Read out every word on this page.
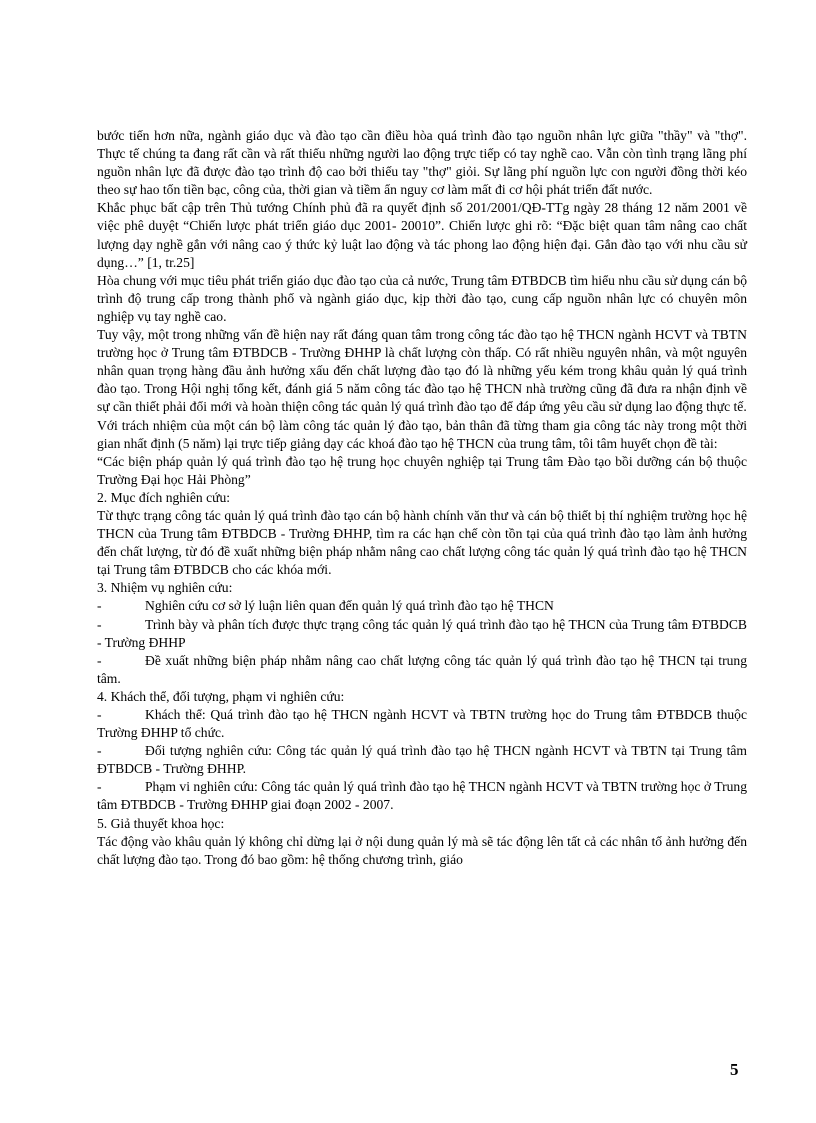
bước tiến hơn nữa, ngành giáo dục và đào tạo cần điều hòa quá trình đào tạo nguồn nhân lực giữa "thầy" và "thợ". Thực tế chúng ta đang rất cần và rất thiếu những người lao động trực tiếp có tay nghề cao. Vẫn còn tình trạng lãng phí nguồn nhân lực đã được đào tạo trình độ cao bởi thiếu tay "thợ" giỏi. Sự lãng phí nguồn lực con người đồng thời kéo theo sự hao tốn tiền bạc, công của, thời gian và tiềm ẩn nguy cơ làm mất đi cơ hội phát triển đất nước.

Khắc phục bất cập trên Thủ tướng Chính phủ đã ra quyết định số 201/2001/QĐ-TTg ngày 28 tháng 12 năm 2001 về việc phê duyệt “Chiến lược phát triển giáo dục 2001- 20010”. Chiến lược ghi rõ: “Đặc biệt quan tâm nâng cao chất lượng dạy nghề gắn với nâng cao ý thức kỷ luật lao động và tác phong lao động hiện đại. Gắn đào tạo với nhu cầu sử dụng…” [1, tr.25]

Hòa chung với mục tiêu phát triển giáo dục đào tạo của cả nước, Trung tâm ĐTBDCB tìm hiểu nhu cầu sử dụng cán bộ trình độ trung cấp trong thành phố và ngành giáo dục, kịp thời đào tạo, cung cấp nguồn nhân lực có chuyên môn nghiệp vụ tay nghề cao.

Tuy vậy, một trong những vấn đề hiện nay rất đáng quan tâm trong công tác đào tạo hệ THCN ngành HCVT và TBTN trường học ở Trung tâm ĐTBDCB - Trường ĐHHP là chất lượng còn thấp. Có rất nhiều nguyên nhân, và một nguyên nhân quan trọng hàng đầu ảnh hưởng xấu đến chất lượng đào tạo đó là những yếu kém trong khâu quản lý quá trình đào tạo. Trong Hội nghị tổng kết, đánh giá 5 năm công tác đào tạo hệ THCN nhà trường cũng đã đưa ra nhận định về sự cần thiết phải đổi mới và hoàn thiện công tác quản lý quá trình đào tạo để đáp ứng yêu cầu sử dụng lao động thực tế.

Với trách nhiệm của một cán bộ làm công tác quản lý đào tạo, bản thân đã từng tham gia công tác này trong một thời gian nhất định (5 năm) lại trực tiếp giảng dạy các khoá đào tạo hệ THCN của trung tâm, tôi tâm huyết chọn đề tài:

“Các biện pháp quản lý quá trình đào tạo hệ trung học chuyên nghiệp tại Trung tâm Đào tạo bồi dưỡng cán bộ thuộc Trường Đại học Hải Phòng”

2. Mục đích nghiên cứu:

Từ thực trạng công tác quản lý quá trình đào tạo cán bộ hành chính văn thư và cán bộ thiết bị thí nghiệm trường học hệ THCN của Trung tâm ĐTBDCB - Trường ĐHHP, tìm ra các hạn chế còn tồn tại của quá trình đào tạo làm ảnh hưởng đến chất lượng, từ đó đề xuất những biện pháp nhằm nâng cao chất lượng công tác quản lý quá trình đào tạo hệ THCN tại Trung tâm ĐTBDCB cho các khóa mới.

3. Nhiệm vụ nghiên cứu:

-	Nghiên cứu cơ sở lý luận liên quan đến quản lý quá trình đào tạo hệ THCN

-	Trình bày và phân tích được thực trạng công tác quản lý quá trình đào tạo hệ THCN của Trung tâm ĐTBDCB - Trường ĐHHP

-	Đề xuất những biện pháp nhằm nâng cao chất lượng công tác quản lý quá trình đào tạo hệ THCN tại trung tâm.

4. Khách thể, đối tượng, phạm vi nghiên cứu:

-	Khách thể: Quá trình đào tạo hệ THCN ngành HCVT và TBTN trường học do Trung tâm ĐTBDCB thuộc Trường ĐHHP tổ chức.

-	Đối tượng nghiên cứu: Công tác quản lý quá trình đào tạo hệ THCN ngành HCVT và TBTN tại Trung tâm ĐTBDCB - Trường ĐHHP.

-	Phạm vi nghiên cứu: Công tác quản lý quá trình đào tạo hệ THCN ngành HCVT và TBTN trường học ở Trung tâm ĐTBDCB - Trường ĐHHP giai đoạn 2002 - 2007.

5. Giả thuyết khoa học:

Tác động vào khâu quản lý không chỉ dừng lại ở nội dung quản lý mà sẽ tác động lên tất cả các nhân tố ảnh hưởng đến chất lượng đào tạo. Trong đó bao gồm: hệ thống chương trình, giáo

5
